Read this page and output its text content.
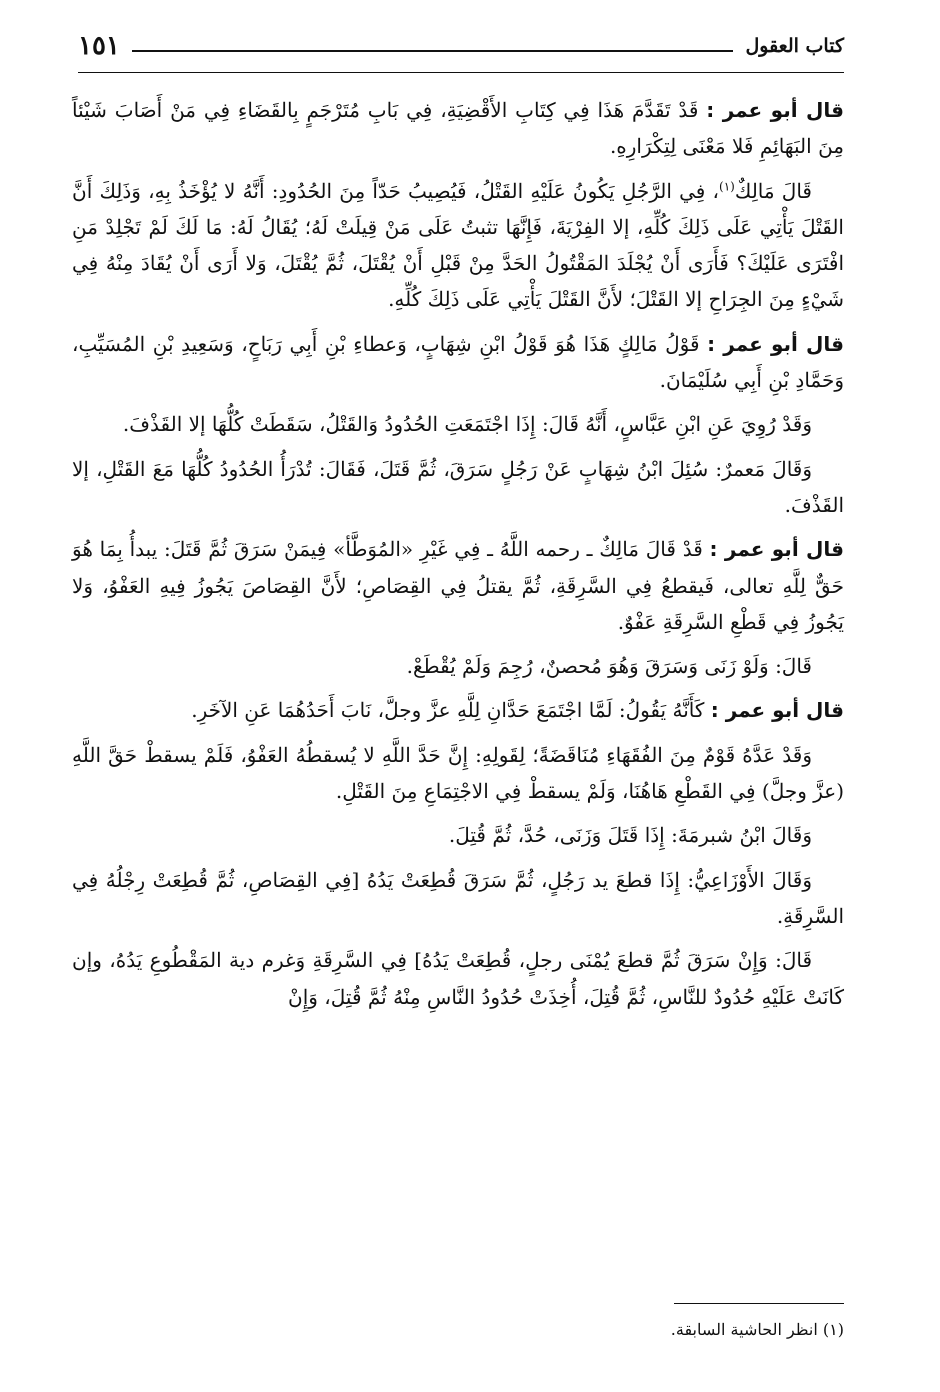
كتاب العقول
١٥١

قال أبو عمر : قَدْ تَقَدَّمَ هَذَا فِي كِتَابِ الأَقْضِيَةِ، فِي بَابِ مُتَرْجَمٍ بِالقَضَاءِ فِي مَنْ أَصَابَ شَيْئاً مِنَ البَهَائِمِ فَلا مَعْنَى لِتِكْرَارِهِ.

قَالَ مَالِكٌ$^{(١)}$، فِي الرَّجُلِ يَكُونُ عَلَيْهِ القَتْلُ، فَيُصِيبُ حَدّاً مِنَ الحُدُودِ: أَنَّهُ لا يُؤْخَذُ بِهِ، وَذَلِكَ أَنَّ القَتْلَ يَأْتِي عَلَى ذَلِكَ كُلِّهِ، إلا الفِرْيَةَ، فَإِنَّهَا تثبتُ عَلَى مَنْ قِيلَتْ لَهُ؛ يُقَالُ لَهُ: مَا لَكَ لَمْ تَجْلِدْ مَنِ افْتَرَى عَلَيْكَ؟ فَأَرَى أَنْ يُجْلَدَ المَقْتُولُ الحَدَّ مِنْ قَبْلِ أَنْ يُقْتَلَ، ثُمَّ يُقْتَلَ، وَلا أَرَى أَنْ يُقَادَ مِنْهُ فِي شَيْءٍ مِنَ الجِرَاحِ إلا القَتْلَ؛ لأَنَّ القَتْلَ يَأْتِي عَلَى ذَلِكَ كُلِّهِ.

قال أبو عمر : قَوْلُ مَالِكٍ هَذَا هُوَ قَوْلُ ابْنِ شِهَابٍ، وَعطاءِ بْنِ أَبِي رَبَاحٍ، وَسَعِيدِ بْنِ المُسَيِّبِ، وَحَمَّادِ بْنِ أَبِي سُلَيْمَانَ.

وَقَدْ رُوِيَ عَنِ ابْنِ عَبَّاسٍ، أَنَّهُ قَالَ: إِذَا اجْتَمَعَتِ الحُدُودُ وَالقَتْلُ، سَقَطَتْ كُلُّهَا إلا القَذْفَ.

وَقَالَ مَعمرٌ: سُئِلَ ابْنُ شِهَابٍ عَنْ رَجُلٍ سَرَقَ، ثُمَّ قَتَلَ، فَقَالَ: تُدْرَأُ الحُدُودُ كُلُّهَا مَعَ القَتْلِ، إلا القَذْفَ.

قال أبو عمر : قَدْ قَالَ مَالِكٌ ـ رحمه اللَّهُ ـ فِي غَيْرِ «المُوَطَّأ» فِيمَنْ سَرَقَ ثُمَّ قَتَلَ: يبدأُ بِمَا هُوَ حَقٌّ لِلَّهِ تعالى، فَيقطعُ فِي السَّرِقَةِ، ثُمَّ يقتلُ فِي القِصَاصِ؛ لأَنَّ القِصَاصَ يَجُوزُ فِيهِ العَفْوُ، وَلا يَجُوزُ فِي قَطْعِ السَّرِقَةِ عَفْوٌ.

قَالَ: وَلَوْ زَنَى وَسَرَقَ وَهُوَ مُحصنٌ، رُجِمَ وَلَمْ يُقْطَعْ.

قال أبو عمر : كَأَنَّهُ يَقُولُ: لَمَّا اجْتَمَعَ حَدَّانِ لِلَّهِ عزَّ وجلَّ، نَابَ أَحَدُهُمَا عَنِ الآخَرِ.

وَقَدْ عَدَّهُ قَوْمٌ مِنَ الفُقَهَاءِ مُنَاقَضَةً؛ لِقَولِهِ: إِنَّ حَدَّ اللَّهِ لا يُسقطُهُ العَفْوُ، فَلَمْ يسقطْ حَقَّ اللَّهِ (عزَّ وجلَّ) فِي القَطْعِ هَاهُنَا، وَلَمْ يسقطْ فِي الاجْتِمَاعِ مِنَ القَتْلِ.

وَقَالَ ابْنُ شبرمَةَ: إِذَا قَتَلَ وَزَنَى، حُدَّ، ثُمَّ قُتِلَ.

وَقَالَ الأَوْزَاعِيُّ: إِذَا قطعَ يد رَجُلٍ، ثُمَّ سَرَقَ قُطِعَتْ يَدُهُ [فِي القِصَاصِ، ثُمَّ قُطِعَتْ رِجْلُهُ فِي السَّرِقَةِ.

قَالَ: وَإِنْ سَرَقَ ثُمَّ قطعَ يُمْنَى رجلٍ، قُطِعَتْ يَدُهُ] فِي السَّرِقَةِ وَغرم دية المَقْطُوعِ يَدُهُ، وإن كَانَتْ عَلَيْهِ حُدُودٌ للنَّاسِ، ثُمَّ قُتِلَ، أُخِذَتْ حُدُودُ النَّاسِ مِنْهُ ثُمَّ قُتِلَ، وَإِنْ

(١) انظر الحاشية السابقة.
